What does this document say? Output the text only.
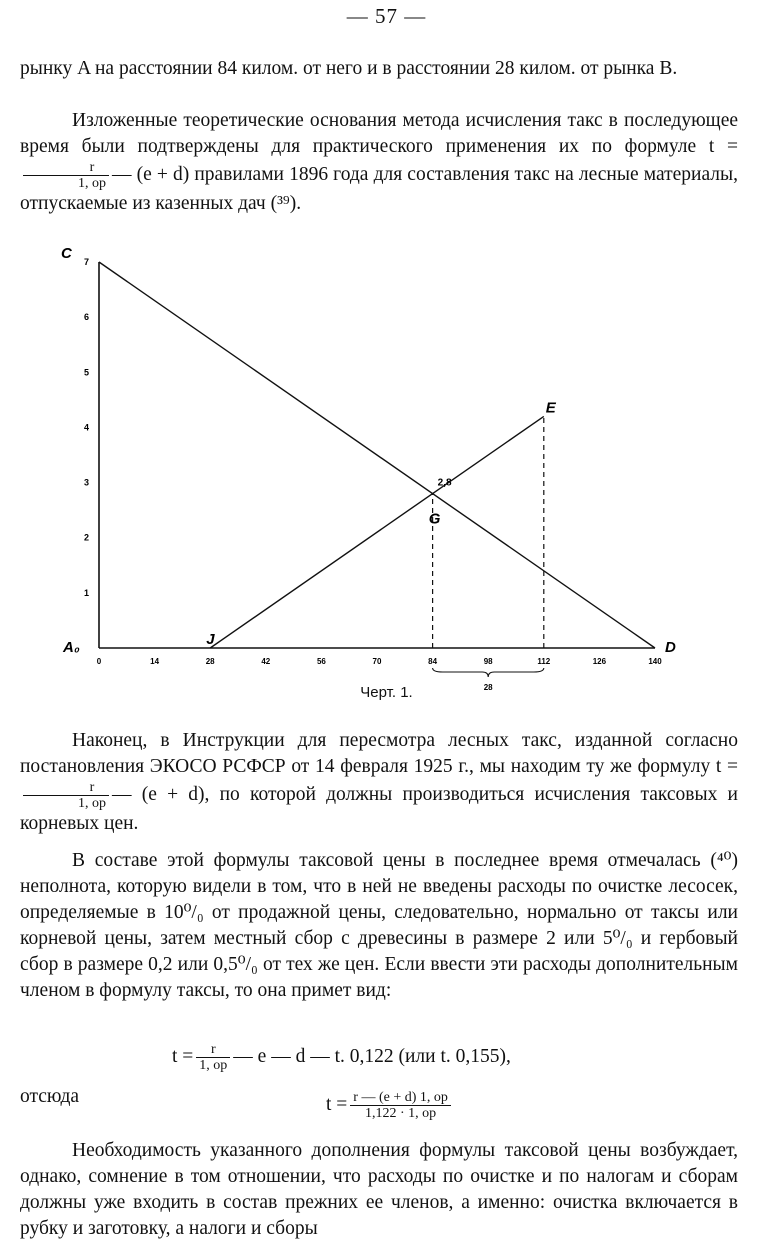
— 57 —

рынку A на расстоянии 84 килом. от него и в расстоянии 28 килом. от рынка B.

Изложенные теоретические основания метода исчисления такс в последующее время были подтверждены для практического применения их по формуле t =
$\frac{r}{1, op}$ — (e + d) правилами 1896 года для составления такс на лесные материалы, отпускаемые из казенных дач (³⁹).

0	14	28	42	56	70	84	98	112	126	140
1
2
3
4
5
6
7
28
A₀
C
D
J
E
2,8
G
Черт. 1.

Наконец, в Инструкции для пересмотра лесных такс, изданной согласно постановления ЭКОСО РСФСР от 14 февраля 1925 г., мы находим ту же формулу t =
$\frac{r}{1, op}$ — (e + d), по которой должны производиться исчисления таксовых и корневых цен.

В составе этой формулы таксовой цены в последнее время отмечалась (⁴⁰) неполнота, которую видели в том, что в ней не введены расходы по очистке лесосек, определяемые в 10⁰/₀ от продажной цены, следовательно, нормально от таксы или корневой цены, затем местный сбор с древесины в размере 2 или 5⁰/₀ и гербовый сбор в размере 0,2 или 0,5⁰/₀ от тех же цен. Если ввести эти расходы дополнительным членом в формулу таксы, то она примет вид:

$t = \frac{r}{1, op}$ — e — d — t. 0,122 (или t. 0,155),
отсюда	$t = \frac{r — (e + d) 1, op}{1,122 \cdot 1, op}$

Необходимость указанного дополнения формулы таксовой цены возбуждает, однако, сомнение в том отношении, что расходы по очистке и по налогам и сборам должны уже входить в состав прежних ее членов, а именно: очистка включается в рубку и заготовку, а налоги и сборы
